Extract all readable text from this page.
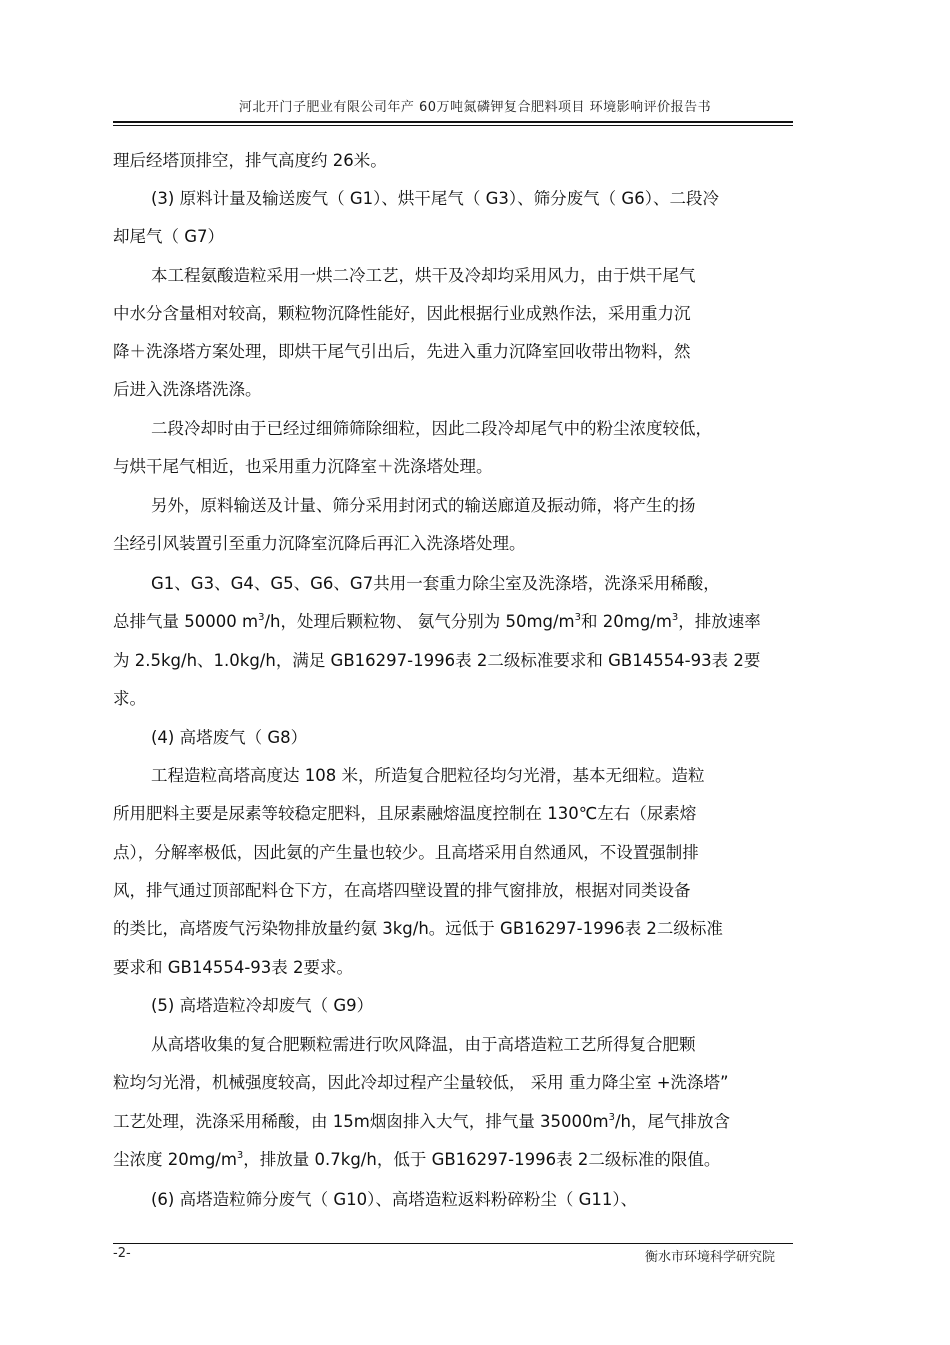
河北开门子肥业有限公司年产 60万吨氮磷钾复合肥料项目 环境影响评价报告书
理后经塔顶排空，排气高度约 26米。
(3) 原料计量及输送废气（ G1）、烘干尾气（ G3）、筛分废气（ G6）、二段冷
却尾气（ G7）
本工程氨酸造粒采用一烘二冷工艺，烘干及冷却均采用风力，由于烘干尾气
中水分含量相对较高，颗粒物沉降性能好，因此根据行业成熟作法，采用重力沉
降＋洗涤塔方案处理，即烘干尾气引出后，先进入重力沉降室回收带出物料，然
后进入洗涤塔洗涤。
二段冷却时由于已经过细筛筛除细粒，因此二段冷却尾气中的粉尘浓度较低，
与烘干尾气相近，也采用重力沉降室＋洗涤塔处理。
另外，原料输送及计量、筛分采用封闭式的输送廊道及振动筛，将产生的扬
尘经引风装置引至重力沉降室沉降后再汇入洗涤塔处理。
G1、G3、G4、G5、G6、G7共用一套重力除尘室及洗涤塔，洗涤采用稀酸，
总排气量 50000 $m^3/h$，处理后颗粒物、 氨气分别为 $50mg/m^3$和 $20mg/m^3$，排放速率
为 2.5kg/h、1.0kg/h，满足 GB16297-1996表 2二级标准要求和 GB14554-93表 2要
求。
(4) 高塔废气（ G8）
工程造粒高塔高度达 108 米，所造复合肥粒径均匀光滑，基本无细粒。造粒
所用肥料主要是尿素等较稳定肥料，且尿素融熔温度控制在 130℃左右（尿素熔
点），分解率极低，因此氨的产生量也较少。且高塔采用自然通风，不设置强制排
风，排气通过顶部配料仓下方，在高塔四壁设置的排气窗排放，根据对同类设备
的类比，高塔废气污染物排放量约氨 3kg/h。远低于 GB16297-1996表 2二级标准
要求和 GB14554-93表 2要求。
(5) 高塔造粒冷却废气（ G9）
从高塔收集的复合肥颗粒需进行吹风降温，由于高塔造粒工艺所得复合肥颗
粒均匀光滑，机械强度较高，因此冷却过程产尘量较低， 采用 重力降尘室 +洗涤塔”
工艺处理，洗涤采用稀酸，由 15m烟囱排入大气，排气量 $35000m^3/h$，尾气排放含
尘浓度 $20mg/m^3$，排放量 0.7kg/h，低于 GB16297-1996表 2二级标准的限值。
(6) 高塔造粒筛分废气（ G10）、高塔造粒返料粉碎粉尘（ G11）、
-2-	衡水市环境科学研究院
